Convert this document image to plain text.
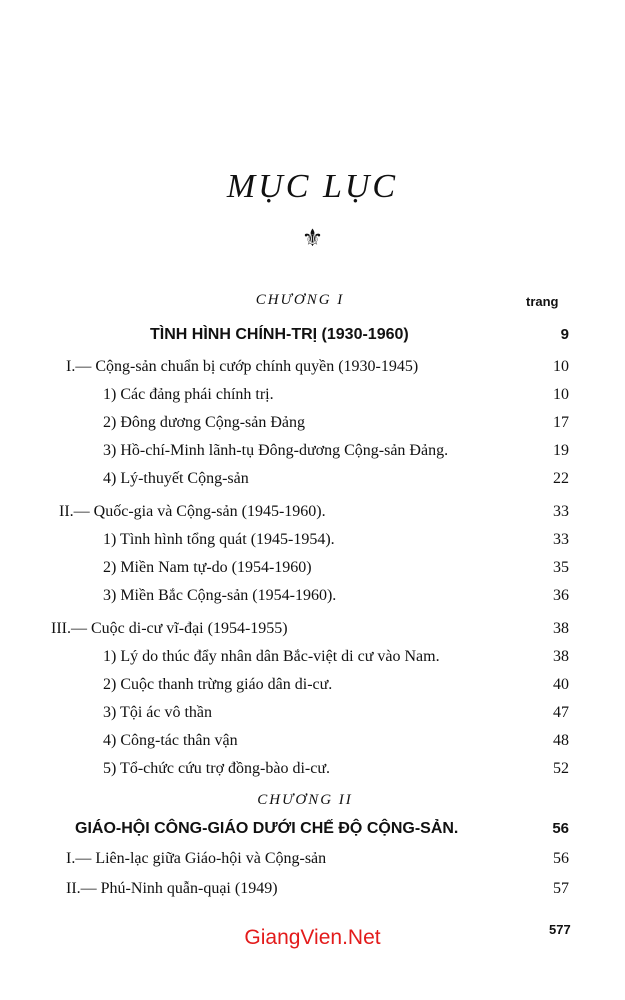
MỤC LỤC
⚜
CHƯƠNG I	trang
TÌNH HÌNH CHÍNH-TRỊ (1930-1960)	9
I.— Cộng-sản chuẩn bị cướp chính quyền (1930-1945)	10
1) Các đảng phái chính trị.	10
2) Đông dương Cộng-sản Đảng	17
3) Hồ-chí-Minh lãnh-tụ Đông-dương Cộng-sản Đảng.	19
4) Lý-thuyết Cộng-sản	22
II.— Quốc-gia và Cộng-sản (1945-1960).	33
1) Tình hình tổng quát (1945-1954).	33
2) Miền Nam tự-do (1954-1960)	35
3) Miền Bắc Cộng-sản (1954-1960).	36
III.— Cuộc di-cư vĩ-đại (1954-1955)	38
1) Lý do thúc đẩy nhân dân Bắc-việt di cư vào Nam.	38
2) Cuộc thanh trừng giáo dân di-cư.	40
3) Tội ác vô thần	47
4) Công-tác thân vận	48
5) Tổ-chức cứu trợ đồng-bào di-cư.	52
CHƯƠNG II
GIÁO-HỘI CÔNG-GIÁO DƯỚI CHẾ ĐỘ CỘNG-SẢN.	56
I.— Liên-lạc giữa Giáo-hội và Cộng-sản	56
II.— Phú-Ninh quẫn-quại (1949)	57
577
GiangVien.Net
